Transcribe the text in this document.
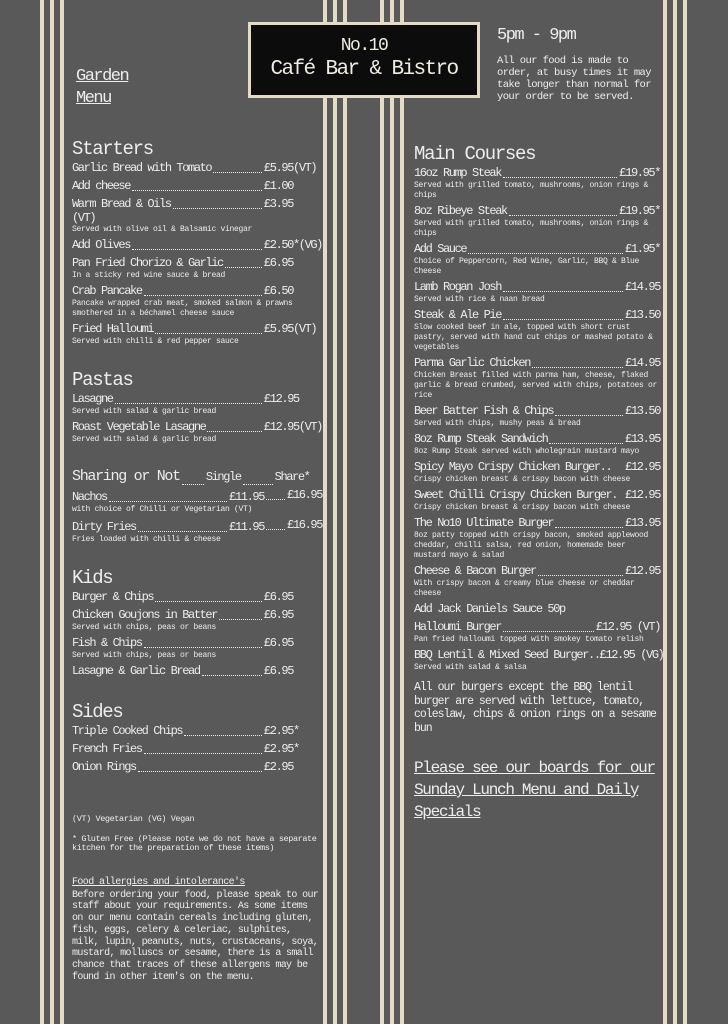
No.10
Café Bar & Bistro
Garden
Menu
5pm - 9pm
All our food is made to order, at busy times it may take longer than normal for your order to be served.
Starters
Garlic Bread with Tomato	£5.95 (VT)
Add cheese	£1.00
Warm Bread & Oils	£3.95
(VT)
Served with olive oil & Balsamic vinegar
Add Olives	£2.50* (VG)
Pan Fried Chorizo & Garlic	£6.95
In a sticky red wine sauce & bread
Crab Pancake	£6.50
Pancake wrapped crab meat, smoked salmon & prawns smothered in a béchamel cheese sauce
Fried Halloumi	£5.95 (VT)
Served with chilli & red pepper sauce
Pastas
Lasagne	£12.95
Served with salad & garlic bread
Roast Vegetable Lasagne	£12.95 (VT)
Served with salad & garlic bread
Sharing or Not Single	Share*
Nachos	£11.95 £16.95
with choice of Chilli or Vegetarian (VT)
Dirty Fries	£11.95 £16.95
Fries loaded with chilli & cheese
Kids
Burger & Chips	£6.95
Chicken Goujons in Batter	£6.95
Served with chips, peas or beans
Fish & Chips	£6.95
Served with chips, peas or beans
Lasagne & Garlic Bread	£6.95
Sides
Triple Cooked Chips	£2.95*
French Fries	£2.95*
Onion Rings	£2.95
(VT) Vegetarian (VG) Vegan
* Gluten Free (Please note we do not have a separate kitchen for the preparation of these items)
Food allergies and intolerance's
Before ordering your food, please speak to our staff about your requirements. As some items on our menu contain cereals including gluten, fish, eggs, celery & celeriac, sulphites, milk, lupin, peanuts, nuts, crustaceans, soya, mustard, molluscs or sesame, there is a small chance that traces of these allergens may be found in other item's on the menu.
Main Courses
16oz Rump Steak	£19.95*
Served with grilled tomato, mushrooms, onion rings & chips
8oz Ribeye Steak	£19.95*
Served with grilled tomato, mushrooms, onion rings & chips
Add Sauce	£1.95*
Choice of Peppercorn, Red Wine, Garlic, BBQ & Blue Cheese
Lamb Rogan Josh	£14.95
Served with rice & naan bread
Steak & Ale Pie	£13.50
Slow cooked beef in ale, topped with short crust pastry, served with hand cut chips or mashed potato & vegetables
Parma Garlic Chicken	£14.95
Chicken Breast filled with parma ham, cheese, flaked garlic & bread crumbed, served with chips, potatoes or rice
Beer Batter Fish & Chips	£13.50
Served with chips, mushy peas & bread
8oz Rump Steak Sandwich	£13.95
8oz Rump Steak served with wholegrain mustard mayo
Spicy Mayo Crispy Chicken Burger.. £12.95
Crispy chicken breast & crispy bacon with cheese
Sweet Chilli Crispy Chicken Burger. £12.95
Crispy chicken breast & crispy bacon with cheese
The No10 Ultimate Burger	£13.95
8oz patty topped with crispy bacon, smoked applewood cheddar, chilli salsa, red onion, homemade beer mustard mayo & salad
Cheese & Bacon Burger	£12.95
With crispy bacon & creamy blue cheese or cheddar cheese
Add Jack Daniels Sauce 50p
Halloumi Burger	£12.95 (VT)
Pan fried halloumi topped with smokey tomato relish
BBQ Lentil & Mixed Seed Burger.. £12.95 (VG)
Served with salad & salsa
All our burgers except the BBQ lentil burger are served with lettuce, tomato, coleslaw, chips & onion rings on a sesame bun
Please see our boards for our Sunday Lunch Menu and Daily Specials
